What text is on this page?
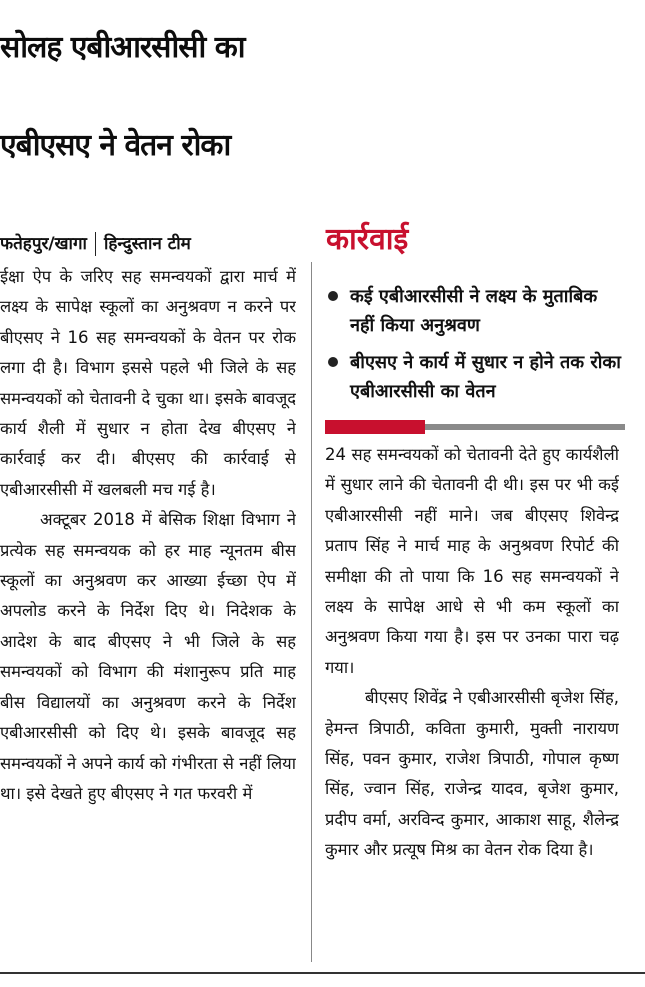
सोलह एबीआरसीसी का
एबीएसए ने वेतन रोका
फतेहपुर/खागा हिन्दुस्तान टीम	कार्रवाई
कई एबीआरसीसी ने लक्ष्य के मुताबिक नहीं किया अनुश्रवण
बीएसए ने कार्य में सुधार न होने तक रोका एबीआरसीसी का वेतन

ईक्षा ऐप के जरिए सह समन्वयकों द्वारा मार्च में लक्ष्य के सापेक्ष स्कूलों का अनुश्रवण न करने पर बीएसए ने 16 सह समन्वयकों के वेतन पर रोक लगा दी है। विभाग इससे पहले भी जिले के सह समन्वयकों को चेतावनी दे चुका था। इसके बावजूद कार्य शैली में सुधार न होता देख बीएसए ने कार्रवाई कर दी। बीएसए की कार्रवाई से एबीआरसीसी में खलबली मच गई है।

अक्टूबर 2018 में बेसिक शिक्षा विभाग ने प्रत्येक सह समन्वयक को हर माह न्यूनतम बीस स्कूलों का अनुश्रवण कर आख्या ईच्छा ऐप में अपलोड करने के निर्देश दिए थे। निदेशक के आदेश के बाद बीएसए ने भी जिले के सह समन्वयकों को विभाग की मंशानुरूप प्रति माह बीस विद्यालयों का अनुश्रवण करने के निर्देश एबीआरसीसी को दिए थे। इसके बावजूद सह समन्वयकों ने अपने कार्य को गंभीरता से नहीं लिया था। इसे देखते हुए बीएसए ने गत फरवरी में

24 सह समन्वयकों को चेतावनी देते हुए कार्यशैली में सुधार लाने की चेतावनी दी थी। इस पर भी कई एबीआरसीसी नहीं माने। जब बीएसए शिवेन्द्र प्रताप सिंह ने मार्च माह के अनुश्रवण रिपोर्ट की समीक्षा की तो पाया कि 16 सह समन्वयकों ने लक्ष्य के सापेक्ष आधे से भी कम स्कूलों का अनुश्रवण किया गया है। इस पर उनका पारा चढ़ गया।

बीएसए शिवेंद्र ने एबीआरसीसी बृजेश सिंह, हेमन्त त्रिपाठी, कविता कुमारी, मुक्ती नारायण सिंह, पवन कुमार, राजेश त्रिपाठी, गोपाल कृष्ण सिंह, ज्वान सिंह, राजेन्द्र यादव, बृजेश कुमार, प्रदीप वर्मा, अरविन्द कुमार, आकाश साहू, शैलेन्द्र कुमार और प्रत्यूष मिश्र का वेतन रोक दिया है।
